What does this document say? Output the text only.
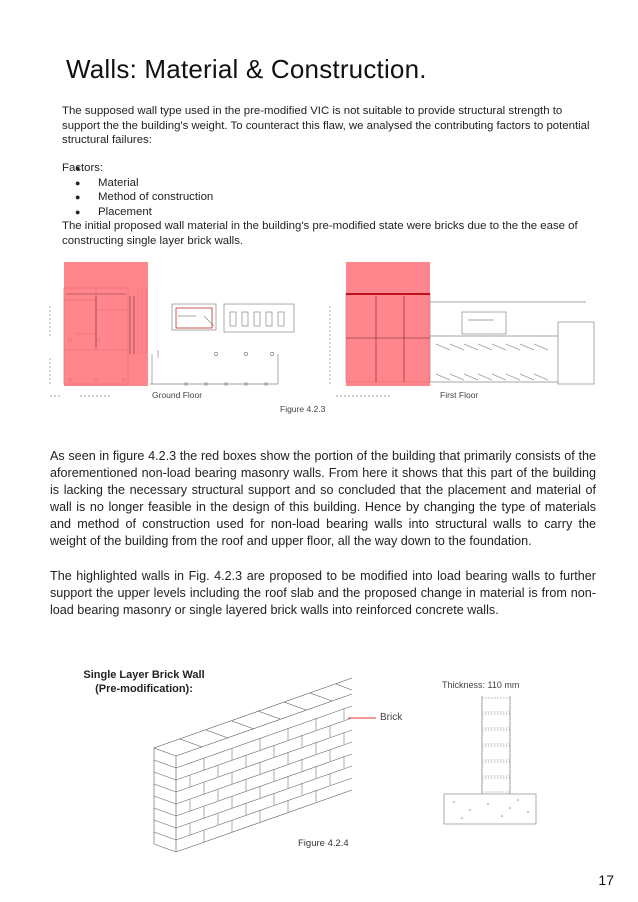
Walls: Material & Construction.

The supposed wall type used in the pre-modified VIC is not suitable to provide structural strength to support the the building's weight. To counteract this flaw, we analysed the contributing factors to potential structural failures:

● Factors:
● Material
● Method of construction
● Placement

The initial proposed wall material in the building's pre-modified state were bricks due to the the ease of constructing single layer brick walls.

Ground Floor	First Floor
Figure 4.2.3

As seen in figure 4.2.3 the red boxes show the portion of the building that primarily consists of the aforementioned non-load bearing masonry walls. From here it shows that this part of the building is lacking the necessary structural support and so concluded that the placement and material of wall is no longer feasible in the design of this building. Hence by changing the type of materials and method of construction used for non-load bearing walls into structural walls to carry the weight of the building from the roof and upper floor, all the way down to the foundation.

The highlighted walls in Fig. 4.2.3 are proposed to be modified into load bearing walls to further support the upper levels including the roof slab and the proposed change in material is from non-load bearing masonry or single layered brick walls into reinforced concrete walls.

Single Layer Brick Wall
(Pre-modification):
Brick
Thickness: 110 mm
Figure 4.2.4
17
